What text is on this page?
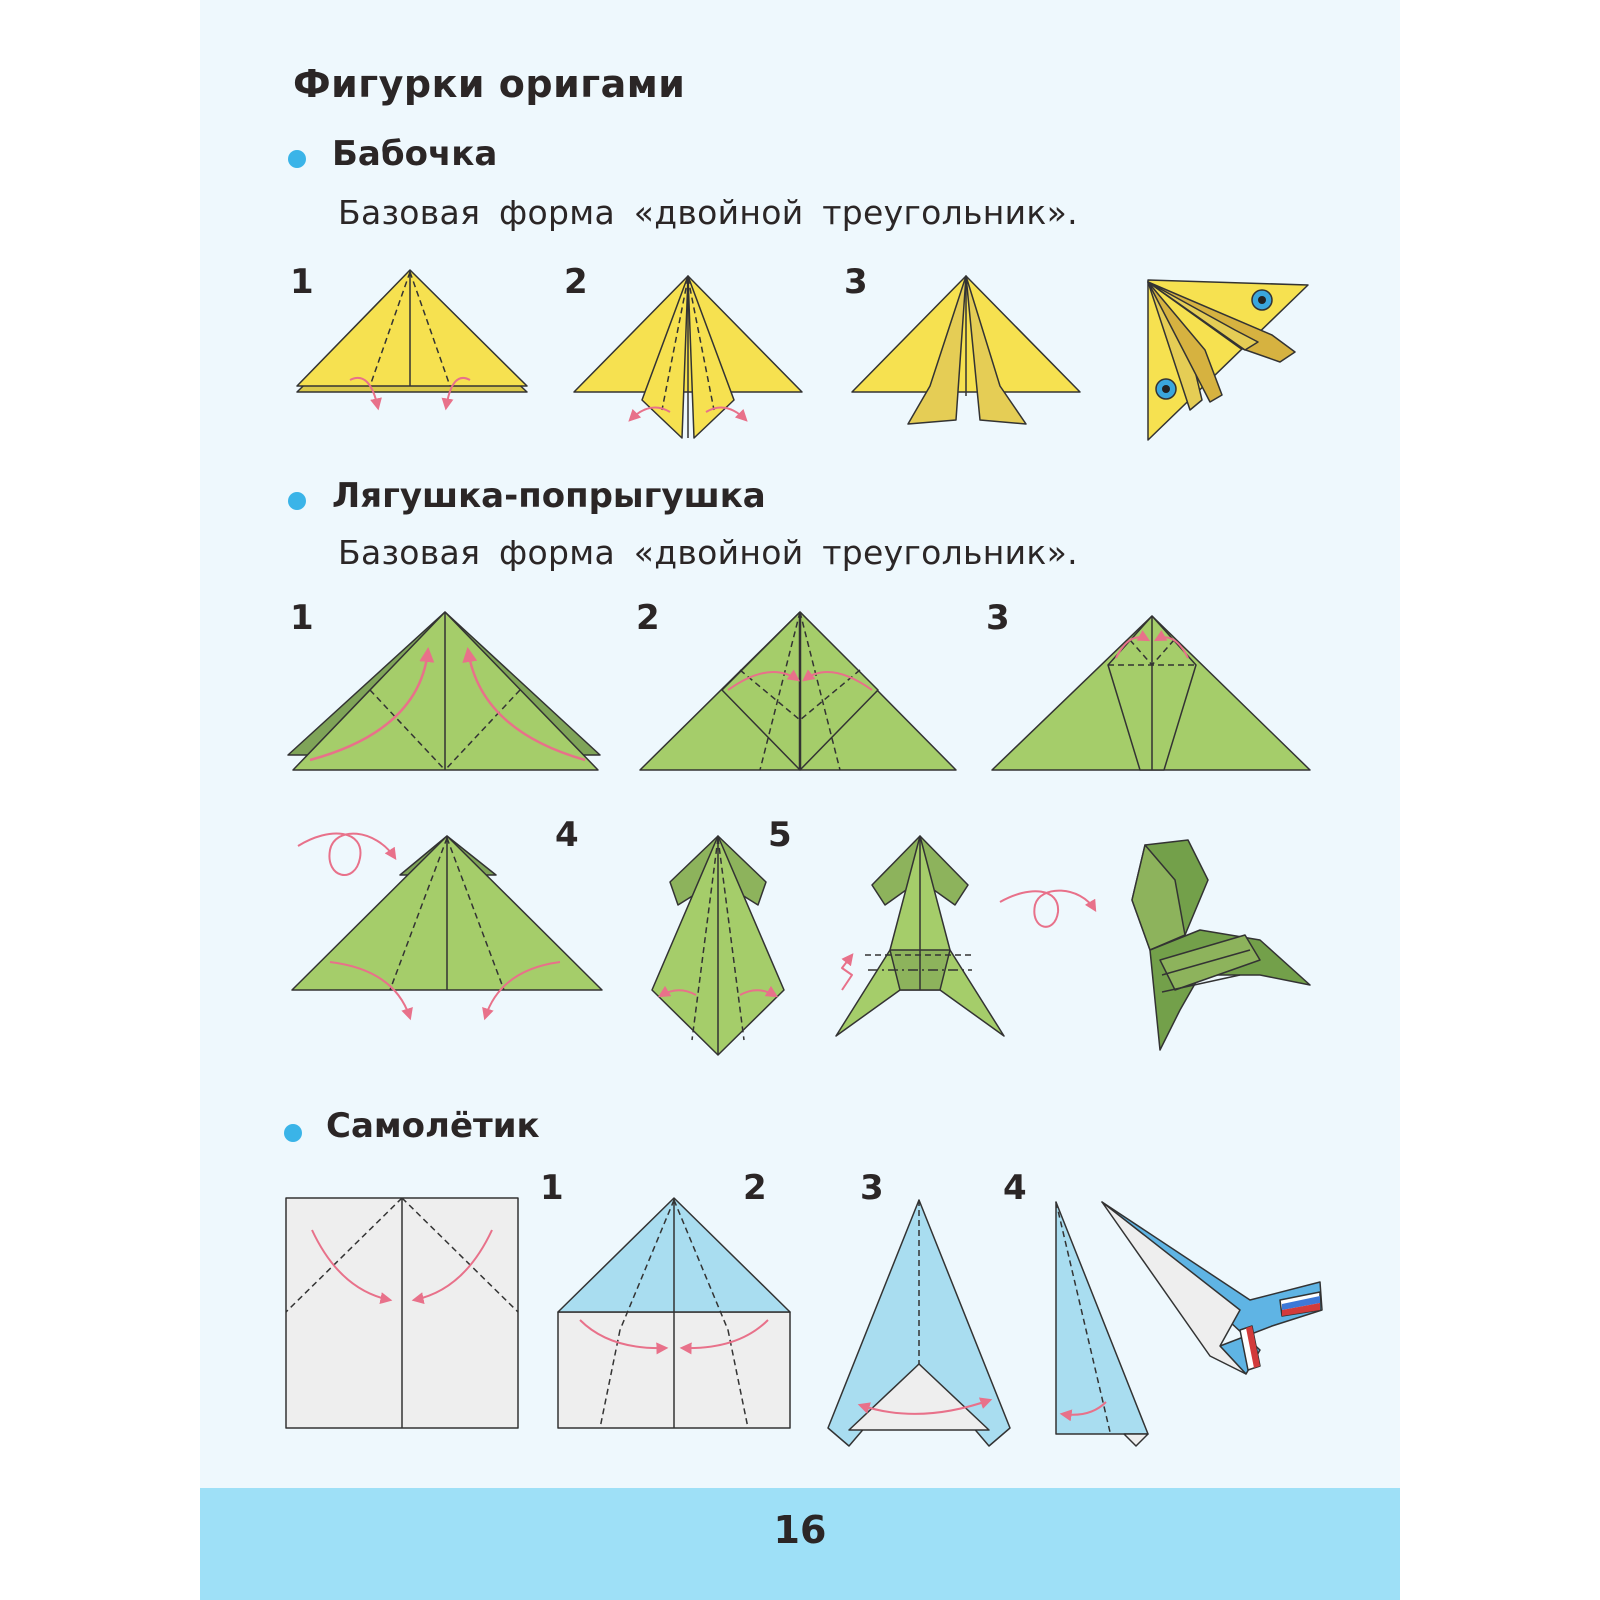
Фигурки оригами
Бабочка

Базовая форма «двойной треугольник».

1	2	3
Лягушка-попрыгушка

Базовая форма «двойной треугольник».

1	2	3
4	5
Самолётик
1	2	3	4
16
